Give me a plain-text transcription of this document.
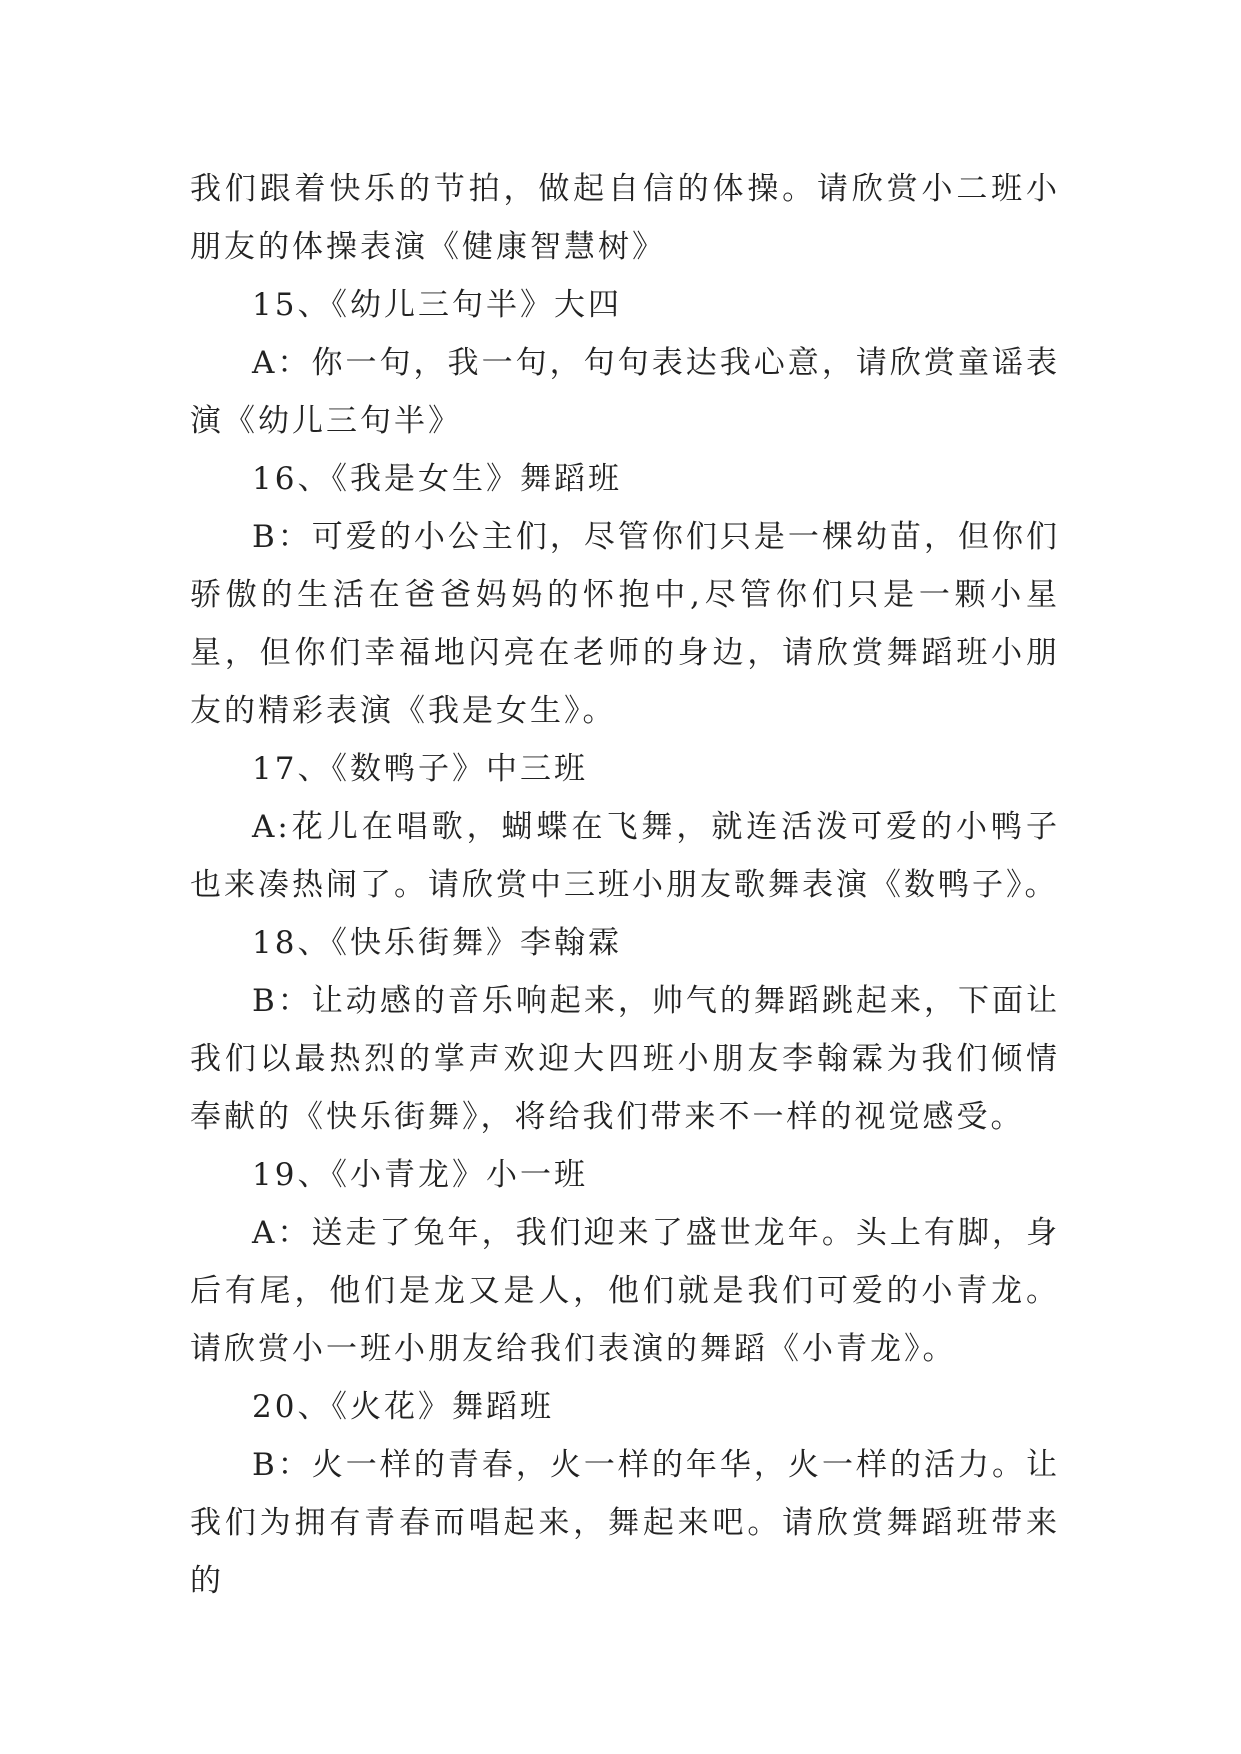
我们跟着快乐的节拍，做起自信的体操。请欣赏小二班小朋友的体操表演《健康智慧树》

15、《幼儿三句半》大四

A：你一句，我一句，句句表达我心意，请欣赏童谣表演《幼儿三句半》

16、《我是女生》舞蹈班

B：可爱的小公主们，尽管你们只是一棵幼苗，但你们骄傲的生活在爸爸妈妈的怀抱中,尽管你们只是一颗小星星，但你们幸福地闪亮在老师的身边，请欣赏舞蹈班小朋友的精彩表演《我是女生》。

17、《数鸭子》中三班

A:花儿在唱歌，蝴蝶在飞舞，就连活泼可爱的小鸭子也来凑热闹了。请欣赏中三班小朋友歌舞表演《数鸭子》。

18、《快乐街舞》李翰霖

B：让动感的音乐响起来，帅气的舞蹈跳起来，下面让我们以最热烈的掌声欢迎大四班小朋友李翰霖为我们倾情奉献的《快乐街舞》，将给我们带来不一样的视觉感受。

19、《小青龙》小一班

A：送走了兔年，我们迎来了盛世龙年。头上有脚，身后有尾，他们是龙又是人，他们就是我们可爱的小青龙。请欣赏小一班小朋友给我们表演的舞蹈《小青龙》。

20、《火花》舞蹈班

B：火一样的青春，火一样的年华，火一样的活力。让我们为拥有青春而唱起来，舞起来吧。请欣赏舞蹈班带来的
